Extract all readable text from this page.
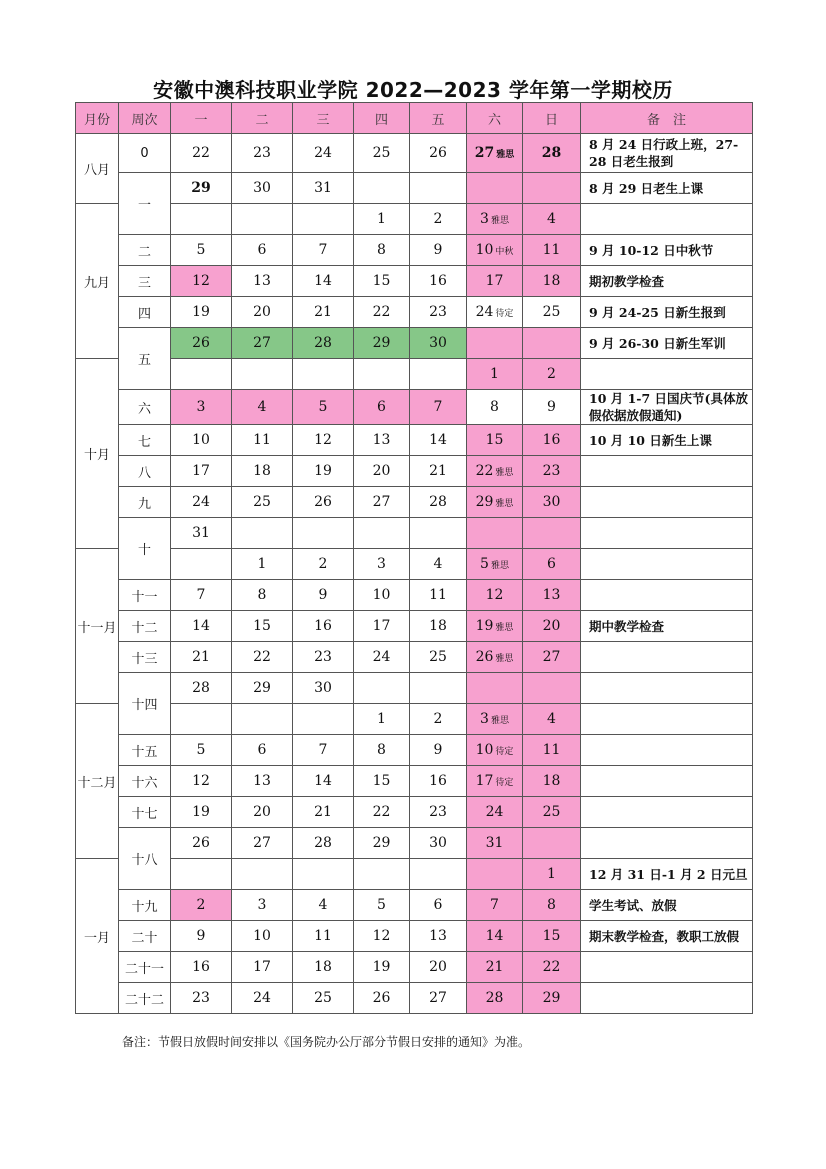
安徽中澳科技职业学院 2022—2023 学年第一学期校历
月份	周次	一	二	三	四	五	六	日	备　注
八月	0	22	23	24	25	26	27 雅思	28	8 月 24 日行政上班，27-28 日老生报到
	一	29	30	31					8 月 29 日老生上课
九月					1	2	3 雅思	4	
	二	5	6	7	8	9	10 中秋	11	9 月 10-12 日中秋节
	三	12	13	14	15	16	17	18	期初教学检查
	四	19	20	21	22	23	24 待定	25	9 月 24-25 日新生报到
	五	26	27	28	29	30			9 月 26-30 日新生军训
十月							1	2	
	六	3	4	5	6	7	8	9	10 月 1-7 日国庆节(具体放假依据放假通知)
	七	10	11	12	13	14	15	16	10 月 10 日新生上课
	八	17	18	19	20	21	22 雅思	23	
	九	24	25	26	27	28	29 雅思	30	
	十	31							
十一月			1	2	3	4	5 雅思	6	
	十一	7	8	9	10	11	12	13	
	十二	14	15	16	17	18	19 雅思	20	期中教学检查
	十三	21	22	23	24	25	26 雅思	27	
	十四	28	29	30					
十二月					1	2	3 雅思	4	
	十五	5	6	7	8	9	10 待定	11	
	十六	12	13	14	15	16	17 待定	18	
	十七	19	20	21	22	23	24	25	
	十八	26	27	28	29	30	31		
一月								1	12 月 31 日-1 月 2 日元旦
	十九	2	3	4	5	6	7	8	学生考试、放假
	二十	9	10	11	12	13	14	15	期末教学检查，教职工放假
	二十一	16	17	18	19	20	21	22	
	二十二	23	24	25	26	27	28	29	
备注：节假日放假时间安排以《国务院办公厅部分节假日安排的通知》为准。
